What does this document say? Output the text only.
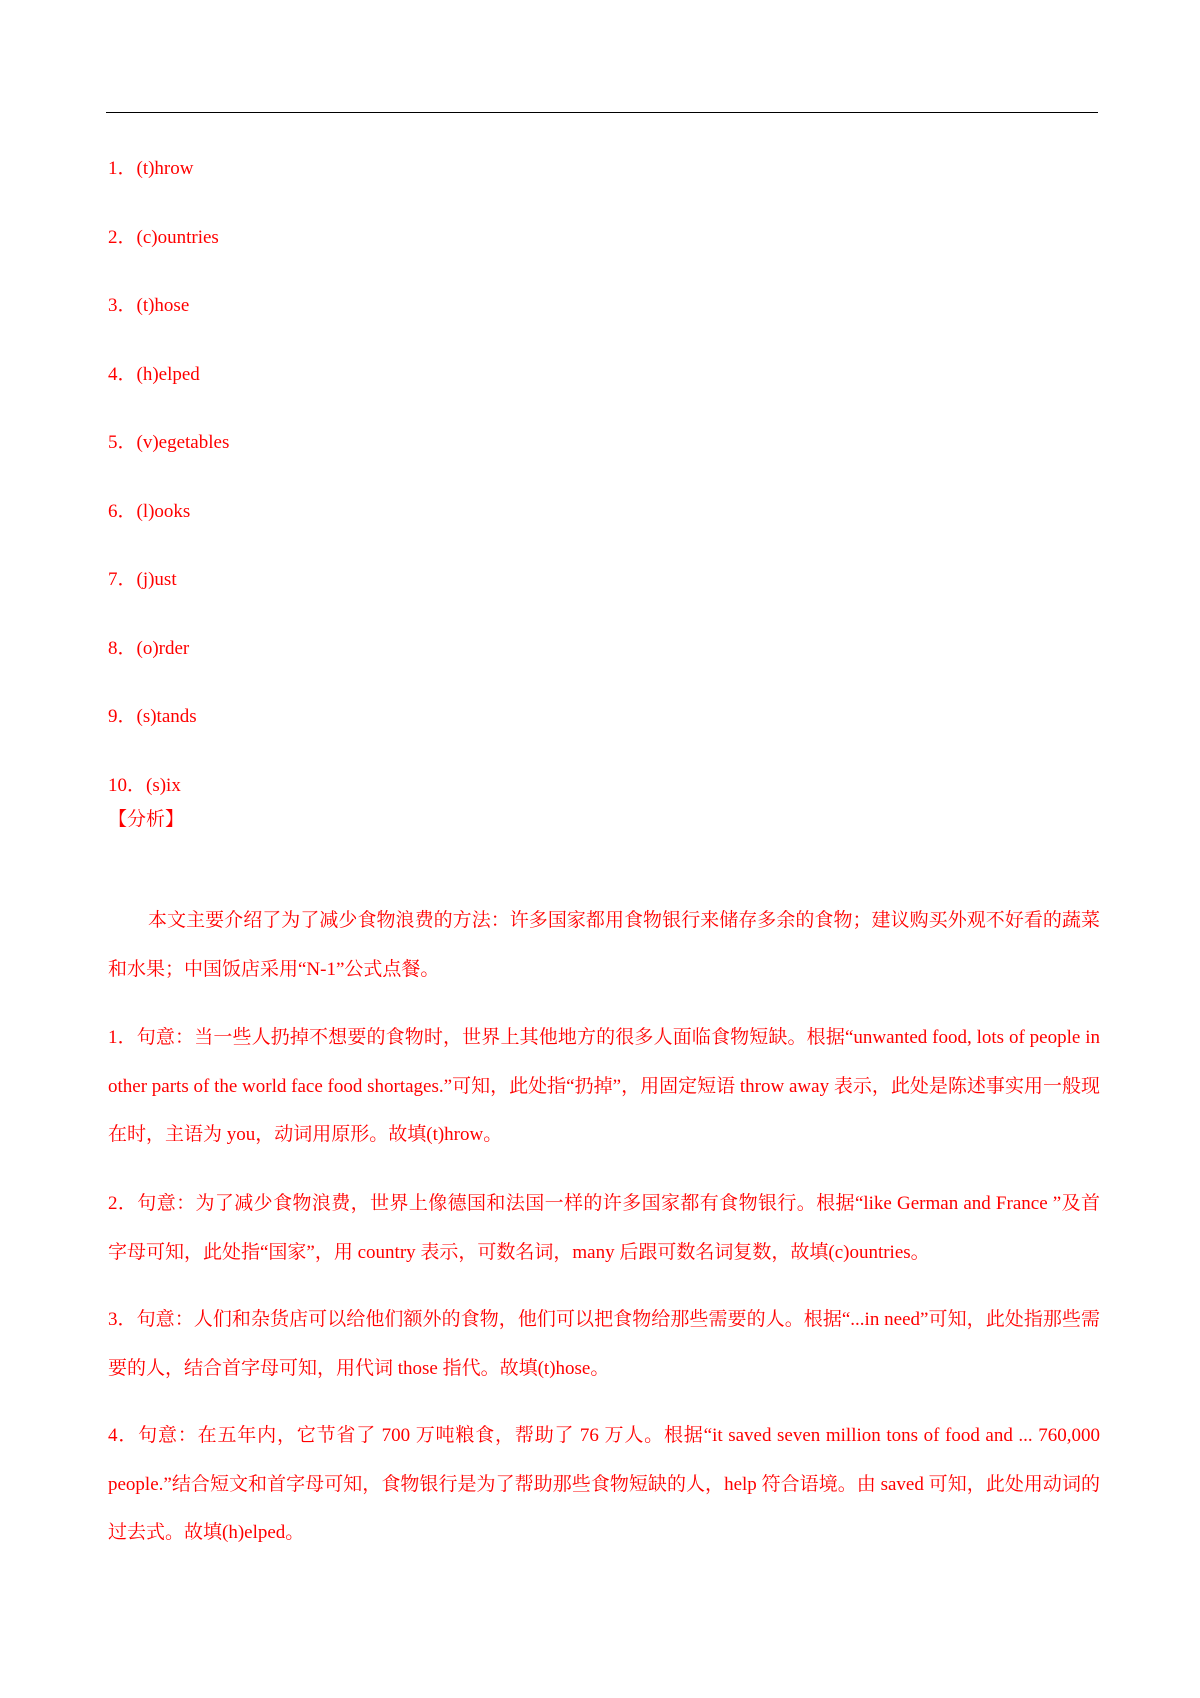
1．(t)hrow
2．(c)ountries
3．(t)hose
4．(h)elped
5．(v)egetables
6．(l)ooks
7．(j)ust
8．(o)rder
9．(s)tands
10．(s)ix
【分析】

本文主要介绍了为了减少食物浪费的方法：许多国家都用食物银行来储存多余的食物；建议购买外观不好看的蔬菜和水果；中国饭店采用“N-1”公式点餐。

1．句意：当一些人扔掉不想要的食物时，世界上其他地方的很多人面临食物短缺。根据“unwanted food, lots of people in other parts of the world face food shortages.”可知，此处指“扔掉”，用固定短语 throw away 表示，此处是陈述事实用一般现在时，主语为 you，动词用原形。故填(t)hrow。

2．句意：为了减少食物浪费，世界上像德国和法国一样的许多国家都有食物银行。根据“like German and France ”及首字母可知，此处指“国家”，用 country 表示，可数名词，many 后跟可数名词复数，故填(c)ountries。

3．句意：人们和杂货店可以给他们额外的食物，他们可以把食物给那些需要的人。根据“...in need”可知，此处指那些需要的人，结合首字母可知，用代词 those 指代。故填(t)hose。

4．句意：在五年内，它节省了 700 万吨粮食，帮助了 76 万人。根据“it saved seven million tons of food and ... 760,000 people.”结合短文和首字母可知，食物银行是为了帮助那些食物短缺的人，help 符合语境。由 saved 可知，此处用动词的过去式。故填(h)elped。
